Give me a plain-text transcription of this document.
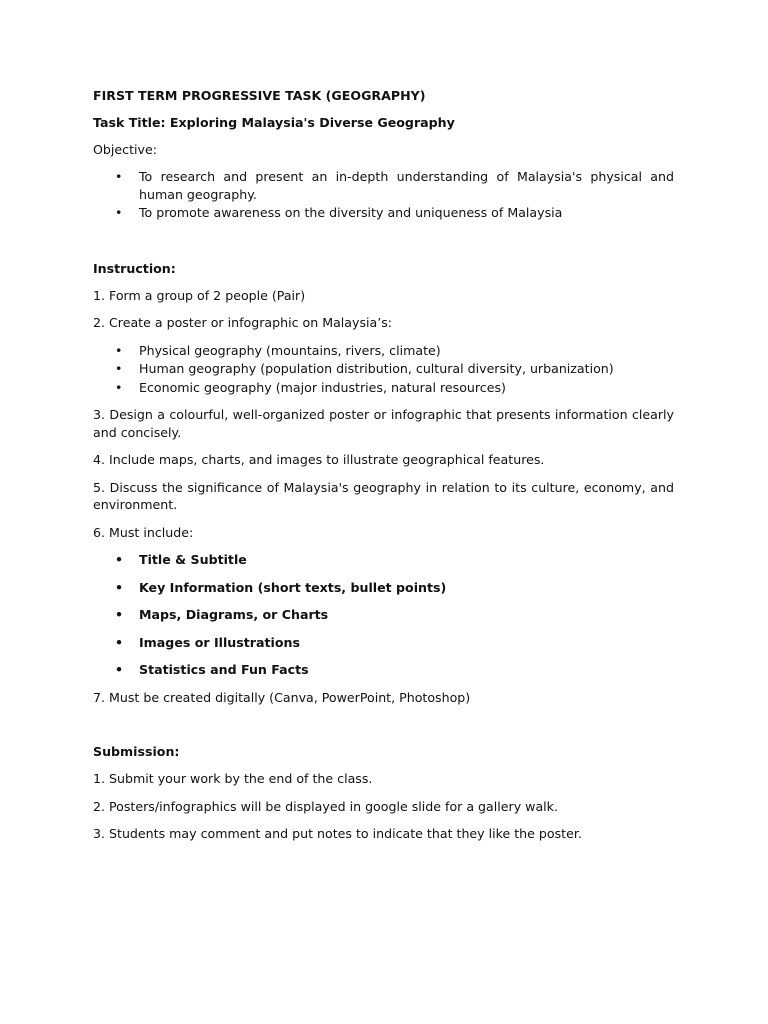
FIRST TERM PROGRESSIVE TASK (GEOGRAPHY)

Task Title: Exploring Malaysia's Diverse Geography

Objective:

• To research and present an in-depth understanding of Malaysia's physical and human geography.
• To promote awareness on the diversity and uniqueness of Malaysia

Instruction:

1. Form a group of 2 people (Pair)

2. Create a poster or infographic on Malaysia’s:

• Physical geography (mountains, rivers, climate)
• Human geography (population distribution, cultural diversity, urbanization)
• Economic geography (major industries, natural resources)

3. Design a colourful, well-organized poster or infographic that presents information clearly and concisely.

4. Include maps, charts, and images to illustrate geographical features.

5. Discuss the significance of Malaysia's geography in relation to its culture, economy, and environment.

6. Must include:

• Title & Subtitle
• Key Information (short texts, bullet points)
• Maps, Diagrams, or Charts
• Images or Illustrations
• Statistics and Fun Facts

7. Must be created digitally (Canva, PowerPoint, Photoshop)

Submission:

1. Submit your work by the end of the class.

2. Posters/infographics will be displayed in google slide for a gallery walk.

3. Students may comment and put notes to indicate that they like the poster.
